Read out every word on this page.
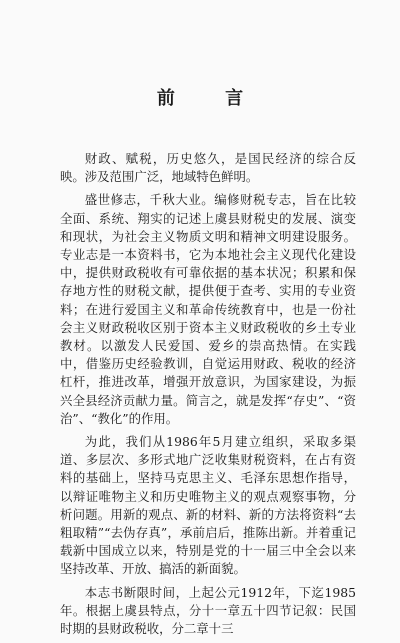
前 言

财政、赋税，历史悠久，是国民经济的综合反映。涉及范围广泛，地域特色鲜明。

盛世修志，千秋大业。编修财税专志，旨在比较全面、系统、翔实的记述上虞县财税史的发展、演变和现状，为社会主义物质文明和精神文明建设服务。专业志是一本资料书，它为本地社会主义现代化建设中，提供财政税收有可靠依据的基本状况；积累和保存地方性的财税文献，提供便于查考、实用的专业资料；在进行爱国主义和革命传统教育中，也是一份社会主义财政税收区别于资本主义财政税收的乡土专业教材。以激发人民爱国、爱乡的崇高热情。在实践中，借鉴历史经验教训，自觉运用财政、税收的经济杠杆，推进改革，增强开放意识，为国家建设，为振兴全县经济贡献力量。简言之，就是发挥“存史”、“资治”、“教化”的作用。

为此，我们从1986年5月建立组织，采取多渠道、多层次、多形式地广泛收集财税资料，在占有资料的基础上，坚持马克思主义、毛泽东思想作指导，以辩证唯物主义和历史唯物主义的观点观察事物，分析问题。用新的观点、新的材料、新的方法将资料“去粗取精”“去伪存真”，承前启后，推陈出新。并着重记载新中国成立以来，特别是党的十一届三中全会以来坚持改革、开放、搞活的新面貌。

本志书断限时间，上起公元1912年，下迄1985年。根据上虞县特点，分十一章五十四节记叙：民国时期的县财政税收，分二章十三
